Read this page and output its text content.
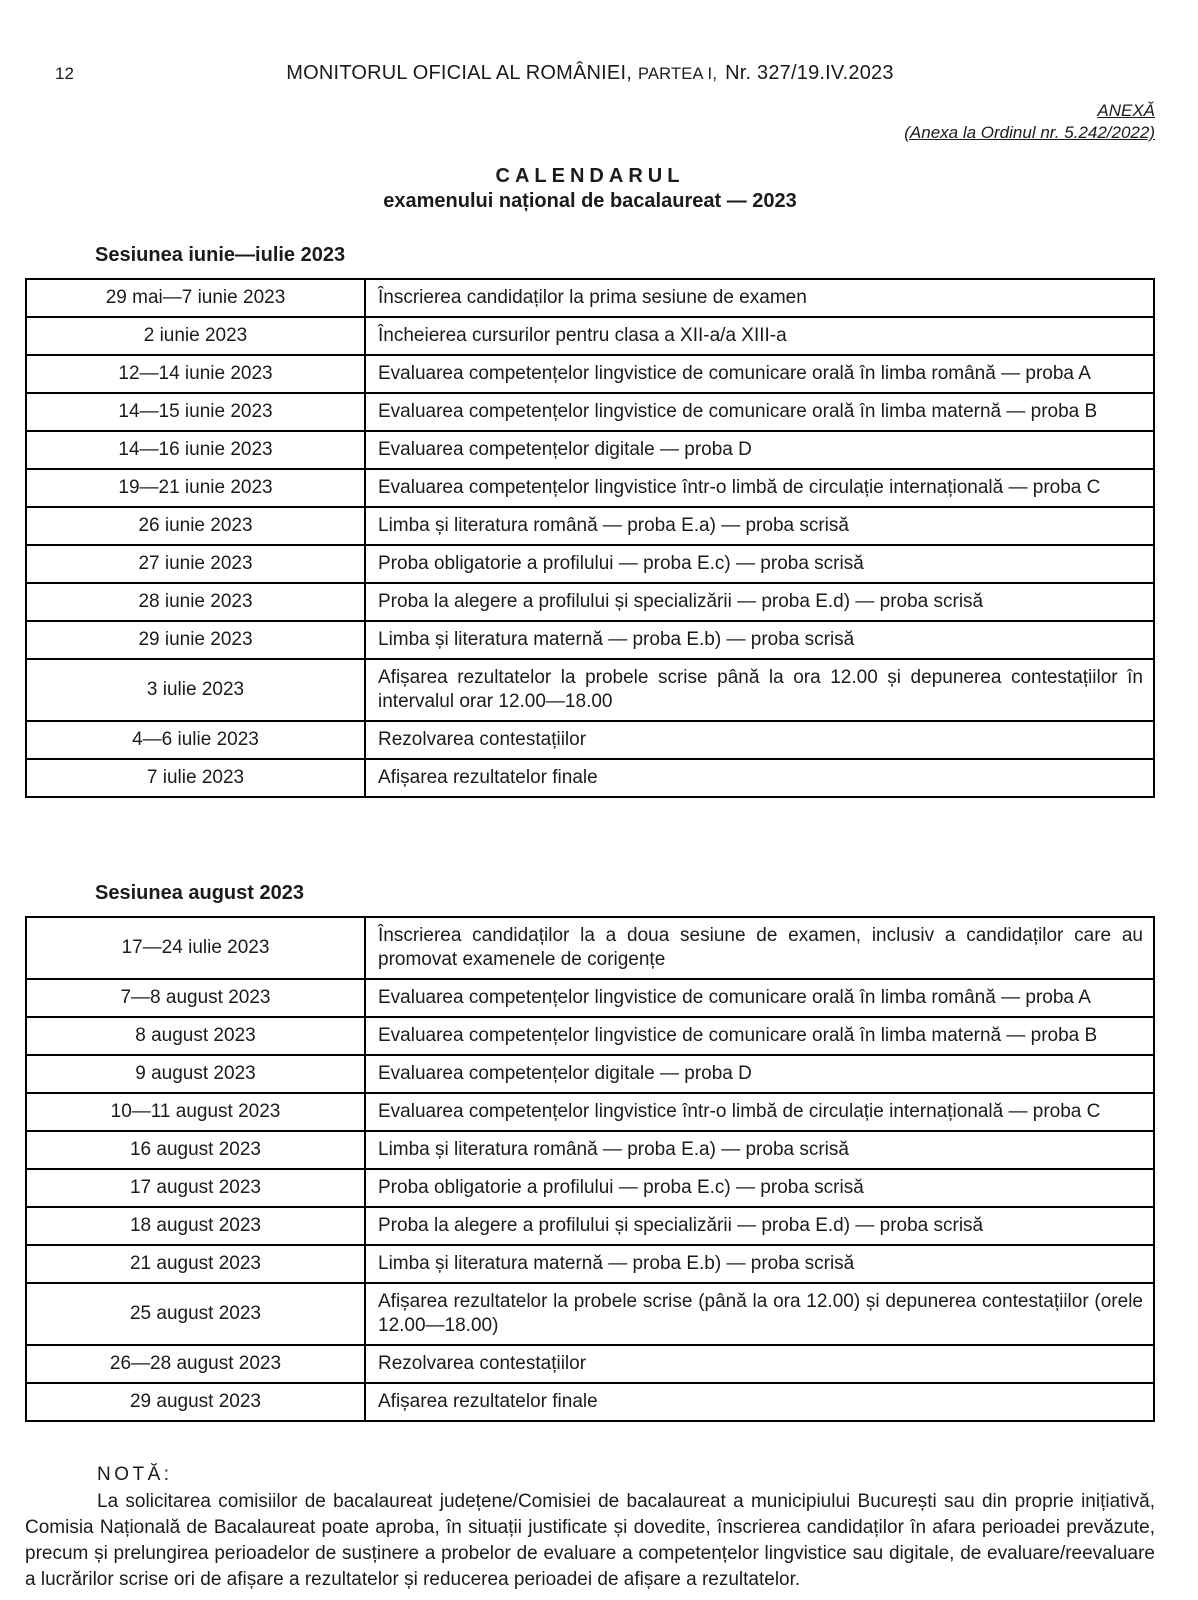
12	MONITORUL OFICIAL AL ROMÂNIEI, PARTEA I, Nr. 327/19.IV.2023
ANEXĂ
(Anexa la Ordinul nr. 5.242/2022)
CALENDARUL
examenului național de bacalaureat — 2023
Sesiunea iunie—iulie 2023
29 mai—7 iunie 2023	Înscrierea candidaților la prima sesiune de examen
2 iunie 2023	Încheierea cursurilor pentru clasa a XII-a/a XIII-a
12—14 iunie 2023	Evaluarea competențelor lingvistice de comunicare orală în limba română — proba A
14—15 iunie 2023	Evaluarea competențelor lingvistice de comunicare orală în limba maternă — proba B
14—16 iunie 2023	Evaluarea competențelor digitale — proba D
19—21 iunie 2023	Evaluarea competențelor lingvistice într-o limbă de circulație internațională — proba C
26 iunie 2023	Limba și literatura română — proba E.a) — proba scrisă
27 iunie 2023	Proba obligatorie a profilului — proba E.c) — proba scrisă
28 iunie 2023	Proba la alegere a profilului și specializării — proba E.d) — proba scrisă
29 iunie 2023	Limba și literatura maternă — proba E.b) — proba scrisă
3 iulie 2023	Afișarea rezultatelor la probele scrise până la ora 12.00 și depunerea contestațiilor în intervalul orar 12.00—18.00
4—6 iulie 2023	Rezolvarea contestațiilor
7 iulie 2023	Afișarea rezultatelor finale
Sesiunea august 2023
17—24 iulie 2023	Înscrierea candidaților la a doua sesiune de examen, inclusiv a candidaților care au promovat examenele de corigențe
7—8 august 2023	Evaluarea competențelor lingvistice de comunicare orală în limba română — proba A
8 august 2023	Evaluarea competențelor lingvistice de comunicare orală în limba maternă — proba B
9 august 2023	Evaluarea competențelor digitale — proba D
10—11 august 2023	Evaluarea competențelor lingvistice într-o limbă de circulație internațională — proba C
16 august 2023	Limba și literatura română — proba E.a) — proba scrisă
17 august 2023	Proba obligatorie a profilului — proba E.c) — proba scrisă
18 august 2023	Proba la alegere a profilului și specializării — proba E.d) — proba scrisă
21 august 2023	Limba și literatura maternă — proba E.b) — proba scrisă
25 august 2023	Afișarea rezultatelor la probele scrise (până la ora 12.00) și depunerea contestațiilor (orele 12.00—18.00)
26—28 august 2023	Rezolvarea contestațiilor
29 august 2023	Afișarea rezultatelor finale
NOTĂ:
La solicitarea comisiilor de bacalaureat județene/Comisiei de bacalaureat a municipiului București sau din proprie inițiativă, Comisia Națională de Bacalaureat poate aproba, în situații justificate și dovedite, înscrierea candidaților în afara perioadei prevăzute, precum și prelungirea perioadelor de susținere a probelor de evaluare a competențelor lingvistice sau digitale, de evaluare/reevaluare a lucrărilor scrise ori de afișare a rezultatelor și reducerea perioadei de afișare a rezultatelor.
